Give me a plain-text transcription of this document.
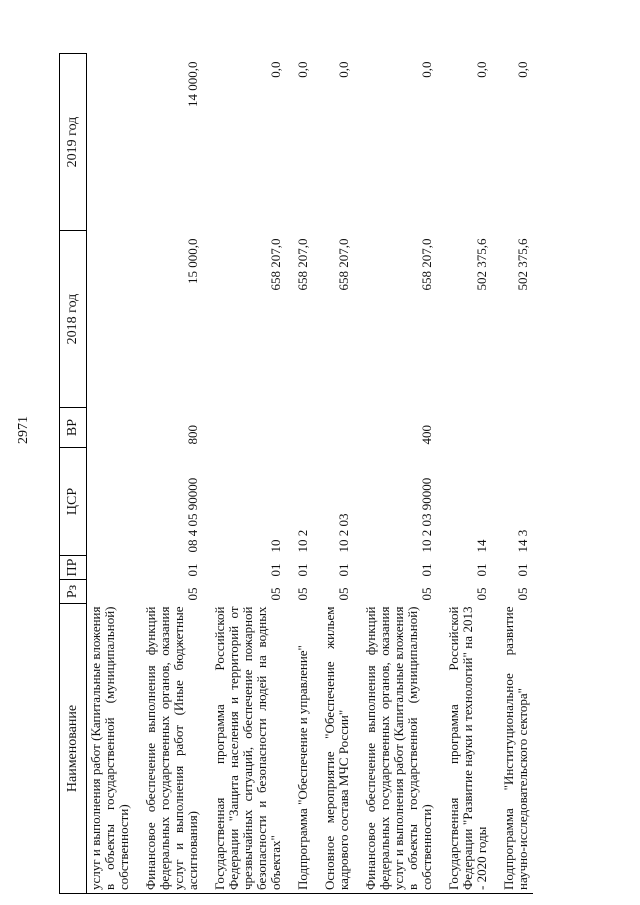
2971
Наименование	Рз	ПР	ЦСР	ВР	2018 год	2019 год
услуг и выполнения работ (Капитальные вложения в объекты государственной (муниципальной) собственности)						
Финансовое обеспечение выполнения функций федеральных государственных органов, оказания услуг и выполнения работ (Иные бюджетные ассигнования)	05	01	08 4 05 90000	800	15 000,0	14 000,0
Государственная программа Российской Федерации "Защита населения и территорий от чрезвычайных ситуаций, обеспечение пожарной безопасности и безопасности людей на водных объектах"	05	01	10		658 207,0	0,0
Подпрограмма "Обеспечение и управление"	05	01	10 2		658 207,0	0,0
Основное мероприятие "Обеспечение жильем кадрового состава МЧС России"	05	01	10 2 03		658 207,0	0,0
Финансовое обеспечение выполнения функций федеральных государственных органов, оказания услуг и выполнения работ (Капитальные вложения в объекты государственной (муниципальной) собственности)	05	01	10 2 03 90000	400	658 207,0	0,0
Государственная программа Российской Федерации "Развитие науки и технологий" на 2013 - 2020 годы	05	01	14		502 375,6	0,0
Подпрограмма "Институциональное развитие научно-исследовательского сектора"	05	01	14 3		502 375,6	0,0
